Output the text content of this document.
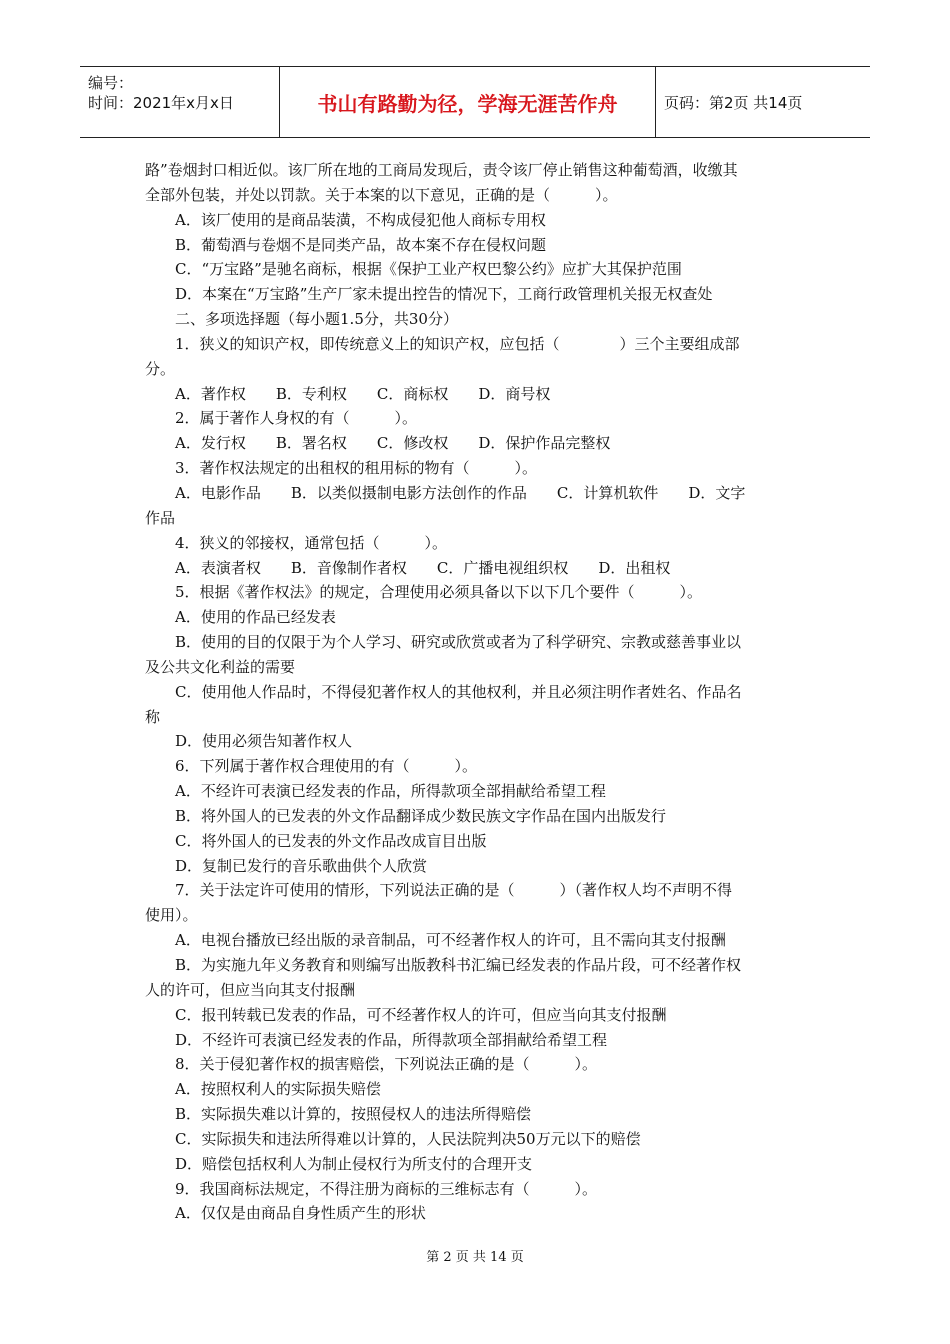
编号：
时间：2021年x月x日	书山有路勤为径，学海无涯苦作舟	页码：第2页 共14页

路”卷烟封口相近似。该厂所在地的工商局发现后，责令该厂停止销售这种葡萄酒，收缴其

全部外包装，并处以罚款。关于本案的以下意见，正确的是（　　　）。

A．该厂使用的是商品装潢，不构成侵犯他人商标专用权

B．葡萄酒与卷烟不是同类产品，故本案不存在侵权问题

C．“万宝路”是驰名商标，根据《保护工业产权巴黎公约》应扩大其保护范围

D．本案在“万宝路”生产厂家未提出控告的情况下，工商行政管理机关报无权查处

二、多项选择题（每小题1.5分，共30分）

1．狭义的知识产权，即传统意义上的知识产权，应包括（　　　　）三个主要组成部

分。

A．著作权　　B．专利权　　C．商标权　　D．商号权

2．属于著作人身权的有（　　　）。

A．发行权　　B．署名权　　C．修改权　　D．保护作品完整权

3．著作权法规定的出租权的租用标的物有（　　　）。

A．电影作品　　B．以类似摄制电影方法创作的作品　　C．计算机软件　　D．文字

作品

4．狭义的邻接权，通常包括（　　　）。

A．表演者权　　B．音像制作者权　　C．广播电视组织权　　D．出租权

5．根据《著作权法》的规定，合理使用必须具备以下以下几个要件（　　　）。

A．使用的作品已经发表

B．使用的目的仅限于为个人学习、研究或欣赏或者为了科学研究、宗教或慈善事业以

及公共文化利益的需要

C．使用他人作品时，不得侵犯著作权人的其他权利，并且必须注明作者姓名、作品名

称

D．使用必须告知著作权人

6．下列属于著作权合理使用的有（　　　）。

A．不经许可表演已经发表的作品，所得款项全部捐献给希望工程

B．将外国人的已发表的外文作品翻译成少数民族文字作品在国内出版发行

C．将外国人的已发表的外文作品改成盲目出版

D．复制已发行的音乐歌曲供个人欣赏

7．关于法定许可使用的情形，下列说法正确的是（　　　）（著作权人均不声明不得

使用）。

A．电视台播放已经出版的录音制品，可不经著作权人的许可，且不需向其支付报酬

B．为实施九年义务教育和则编写出版教科书汇编已经发表的作品片段，可不经著作权

人的许可，但应当向其支付报酬

C．报刊转载已发表的作品，可不经著作权人的许可，但应当向其支付报酬

D．不经许可表演已经发表的作品，所得款项全部捐献给希望工程

8．关于侵犯著作权的损害赔偿，下列说法正确的是（　　　）。

A．按照权利人的实际损失赔偿

B．实际损失难以计算的，按照侵权人的违法所得赔偿

C．实际损失和违法所得难以计算的，人民法院判决50万元以下的赔偿

D．赔偿包括权利人为制止侵权行为所支付的合理开支

9．我国商标法规定，不得注册为商标的三维标志有（　　　）。

A．仅仅是由商品自身性质产生的形状

第 2 页 共 14 页
